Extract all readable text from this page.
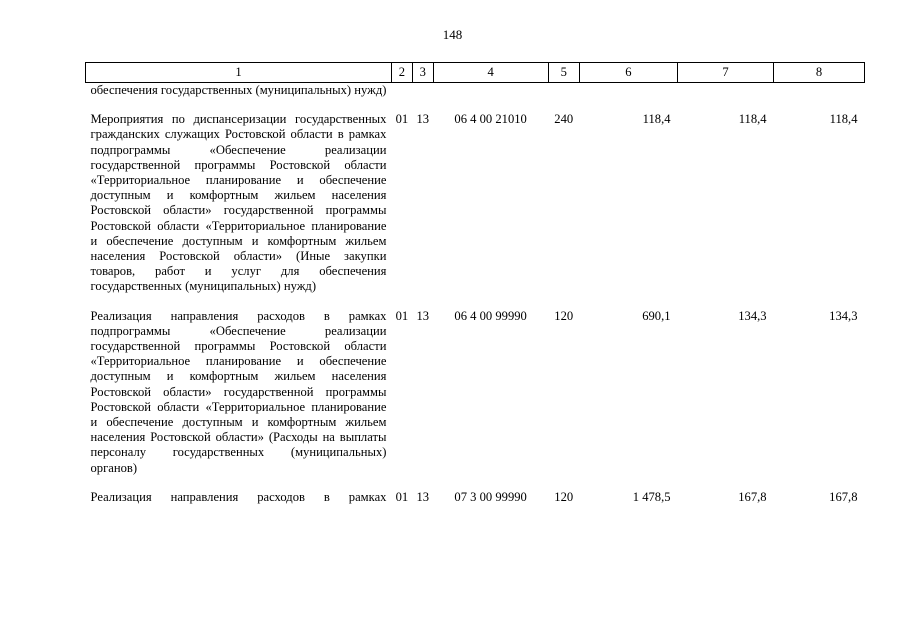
148
1	2	3	4	5	6	7	8
обеспечения государственных (муниципальных) нужд)							
Мероприятия по диспансеризации государственных гражданских служащих Ростовской области в рамках подпрограммы «Обеспечение реализации государственной программы Ростовской области «Территориальное планирование и обеспечение доступным и комфортным жильем населения Ростовской области» государственной программы Ростовской области «Территориальное планирование и обеспечение доступным и комфортным жильем населения Ростовской области» (Иные закупки товаров, работ и услуг для обеспечения государственных (муниципальных) нужд)	01	13	06 4 00 21010	240	118,4	118,4	118,4
Реализация направления расходов в рамках подпрограммы «Обеспечение реализации государственной программы Ростовской области «Территориальное планирование и обеспечение доступным и комфортным жильем населения Ростовской области» государственной программы Ростовской области «Территориальное планирование и обеспечение доступным и комфортным жильем населения Ростовской области» (Расходы на выплаты персоналу государственных (муниципальных) органов)	01	13	06 4 00 99990	120	690,1	134,3	134,3
Реализация направления расходов в рамках	01	13	07 3 00 99990	120	1 478,5	167,8	167,8
